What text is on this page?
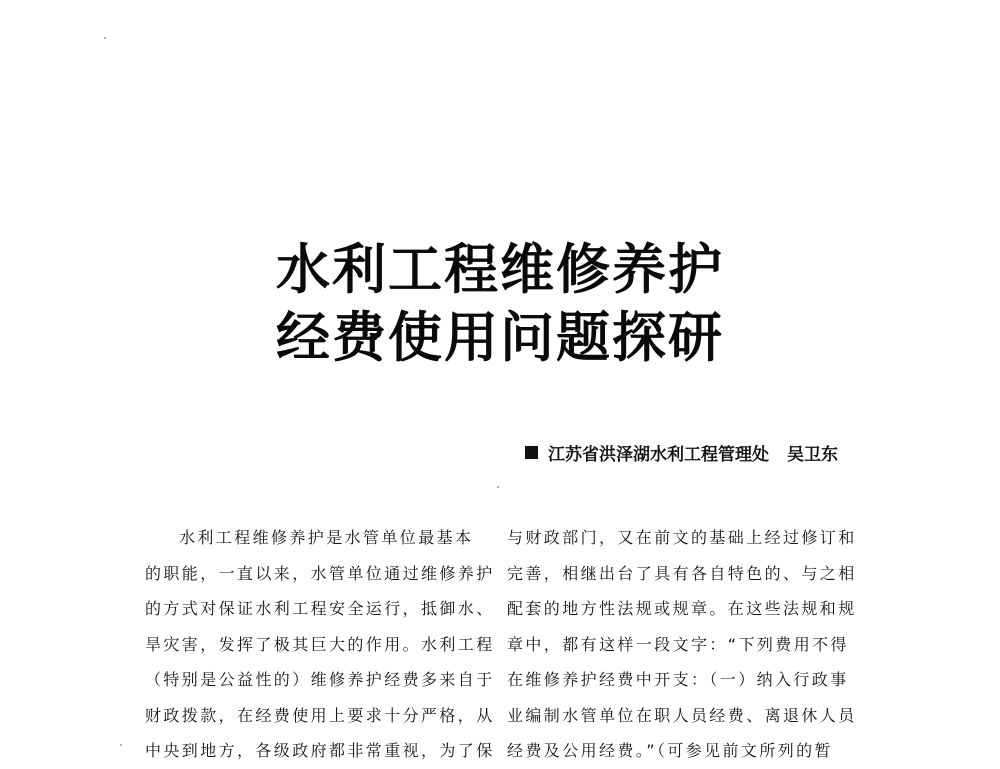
水利工程维修养护
经费使用问题探研
江苏省洪泽湖水利工程管理处 吴卫东
水利工程维修养护是水管单位最基本
的职能，一直以来，水管单位通过维修养护
的方式对保证水利工程安全运行，抵御水、
旱灾害，发挥了极其巨大的作用。水利工程
（特别是公益性的）维修养护经费多来自于
财政拨款，在经费使用上要求十分严格，从
中央到地方，各级政府都非常重视，为了保
与财政部门，又在前文的基础上经过修订和
完善，相继出台了具有各自特色的、与之相
配套的地方性法规或规章。在这些法规和规
章中，都有这样一段文字：“下列费用不得
在维修养护经费中开支：（一）纳入行政事
业编制水管单位在职人员经费、离退休人员
经费及公用经费。”（可参见前文所列的暂
